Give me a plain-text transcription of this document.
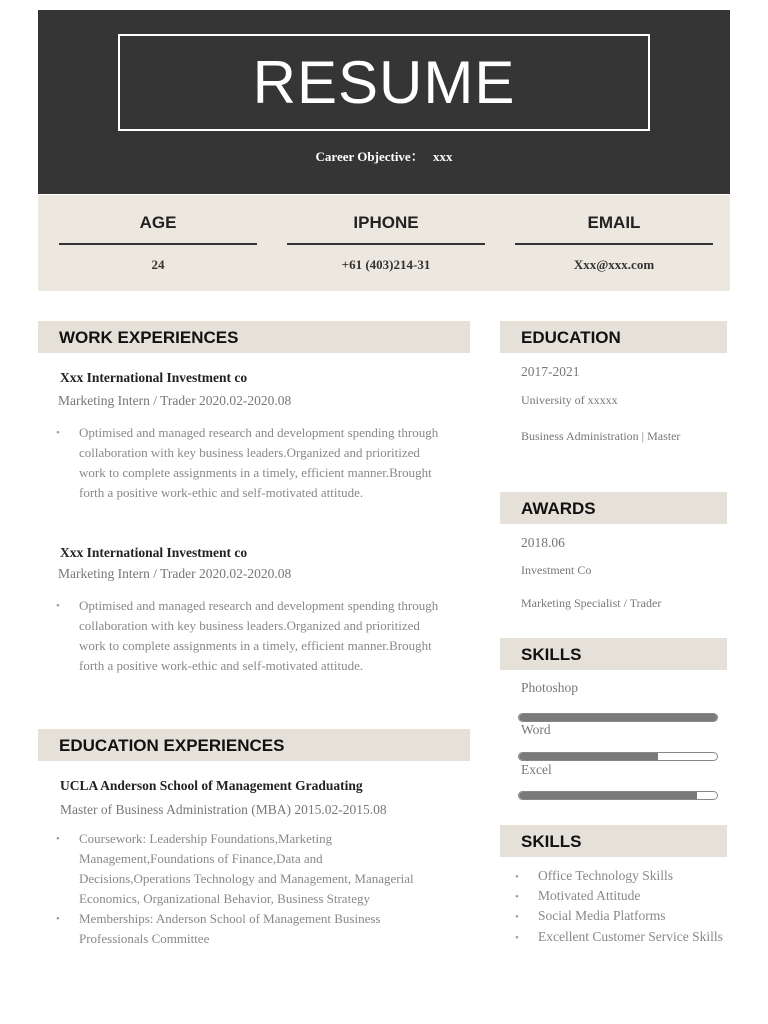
RESUME
Career Objective： xxx
AGE
24
IPHONE
+61 (403)214-31
EMAIL
Xxx@xxx.com
WORK EXPERIENCES
Xxx International Investment co
Marketing Intern / Trader 2020.02-2020.08
• Optimised and managed research and development spending through
collaboration with key business leaders.Organized and prioritized
work to complete assignments in a timely, efficient manner.Brought
forth a positive work-ethic and self-motivated attitude.
Xxx International Investment co
Marketing Intern / Trader 2020.02-2020.08
• Optimised and managed research and development spending through
collaboration with key business leaders.Organized and prioritized
work to complete assignments in a timely, efficient manner.Brought
forth a positive work-ethic and self-motivated attitude.
EDUCATION EXPERIENCES
UCLA Anderson School of Management Graduating
Master of Business Administration (MBA) 2015.02-2015.08
• Coursework: Leadership Foundations,Marketing
Management,Foundations of Finance,Data and
Decisions,Operations Technology and Management, Managerial
Economics, Organizational Behavior, Business Strategy
• Memberships: Anderson School of Management Business
Professionals Committee
EDUCATION
2017-2021
University of xxxxx
Business Administration | Master
AWARDS
2018.06
Investment Co
Marketing Specialist / Trader
SKILLS
Photoshop
Word
Excel
SKILLS
• Office Technology Skills
• Motivated Attitude
• Social Media Platforms
• Excellent Customer Service Skills
